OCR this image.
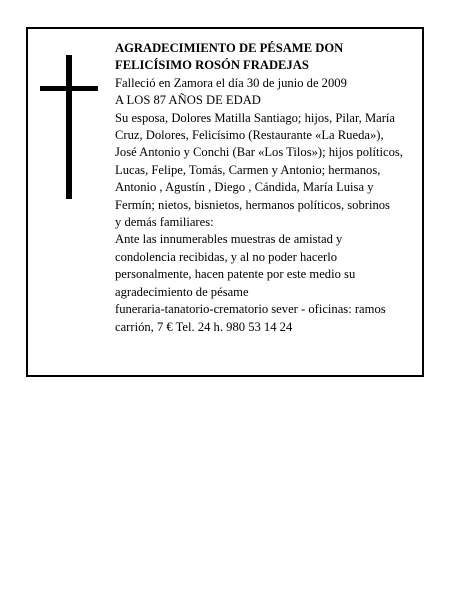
AGRADECIMIENTO DE PÉSAME DON
FELICÍSIMO ROSÓN FRADEJAS
Falleció en Zamora el día 30 de junio de 2009
A LOS 87 AÑOS DE EDAD
Su esposa, Dolores Matilla Santiago; hijos, Pilar, María
Cruz, Dolores, Felicísimo (Restaurante «La Rueda»),
José Antonio y Conchi (Bar «Los Tilos»); hijos políticos,
Lucas, Felipe, Tomás, Carmen y Antonio; hermanos,
Antonio , Agustín , Diego , Cándida, María Luisa y
Fermín; nietos, bisnietos, hermanos políticos, sobrinos
y demás familiares:
Ante las innumerables muestras de amistad y
condolencia recibidas, y al no poder hacerlo
personalmente, hacen patente por este medio su
agradecimiento de pésame
funeraria-tanatorio-crematorio sever - oficinas: ramos
carrión, 7 € Tel. 24 h. 980 53 14 24
